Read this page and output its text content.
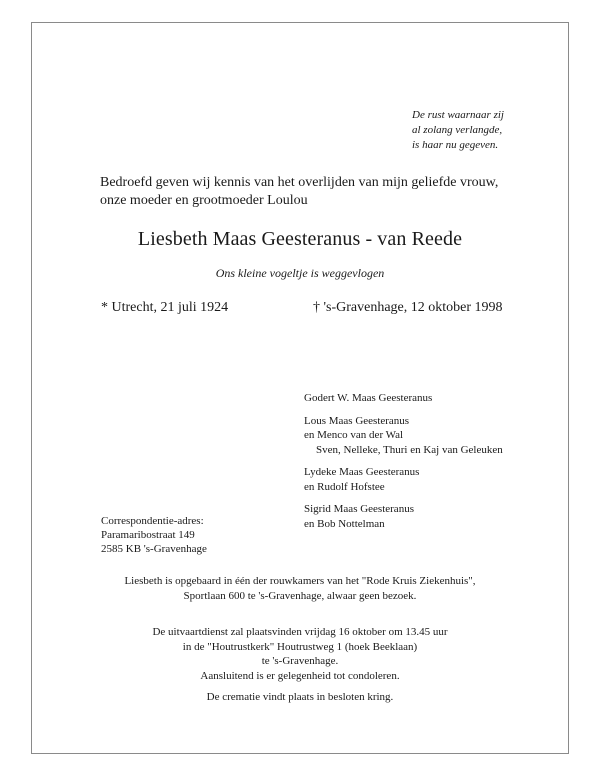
De rust waarnaar zij
al zolang verlangde,
is haar nu gegeven.
Bedroefd geven wij kennis van het overlijden van mijn geliefde vrouw,
onze moeder en grootmoeder Loulou
Liesbeth Maas Geesteranus - van Reede
Ons kleine vogeltje is weggevlogen
* Utrecht, 21 juli 1924	† 's-Gravenhage, 12 oktober 1998
Godert W. Maas Geesteranus
Lous Maas Geesteranus
en Menco van der Wal
Sven, Nelleke, Thuri en Kaj van Geleuken
Lydeke Maas Geesteranus
en Rudolf Hofstee
Sigrid Maas Geesteranus
en Bob Nottelman
Correspondentie-adres:
Paramaribostraat 149
2585 KB 's-Gravenhage
Liesbeth is opgebaard in één der rouwkamers van het "Rode Kruis Ziekenhuis",
Sportlaan 600 te 's-Gravenhage, alwaar geen bezoek.
De uitvaartdienst zal plaatsvinden vrijdag 16 oktober om 13.45 uur
in de "Houtrustkerk" Houtrustweg 1 (hoek Beeklaan)
te 's-Gravenhage.
Aansluitend is er gelegenheid tot condoleren.
De crematie vindt plaats in besloten kring.
